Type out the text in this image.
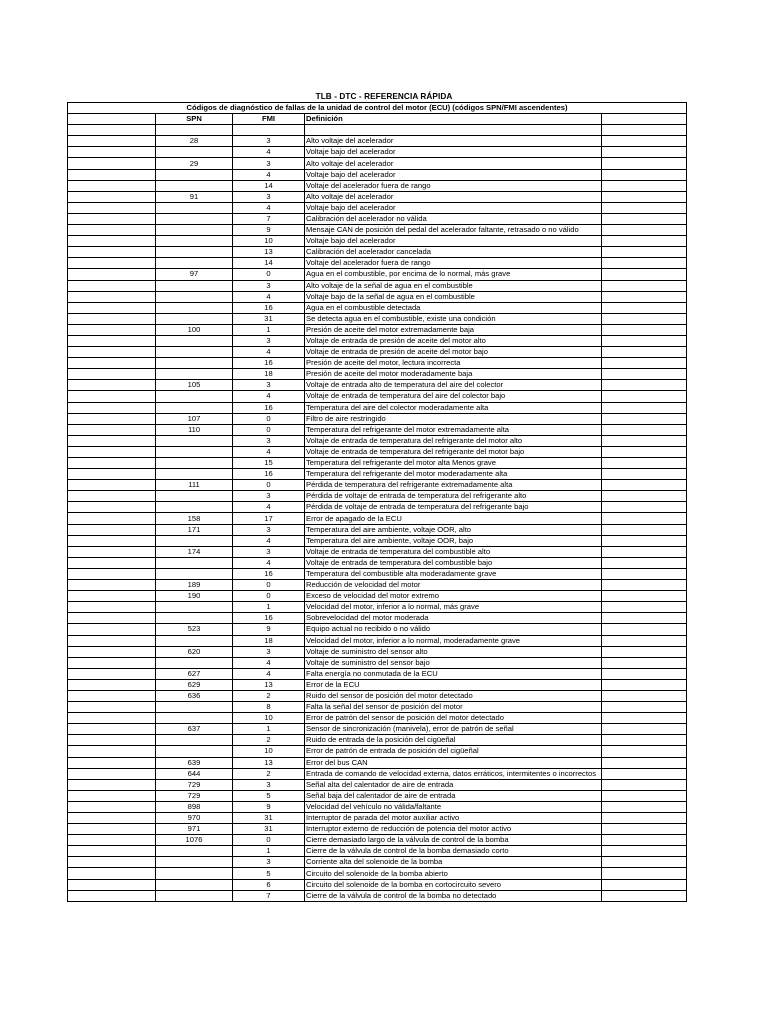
TLB - DTC - REFERENCIA RÁPIDA
Códigos de diagnóstico de fallas de la unidad de control del motor (ECU) (códigos SPN/FMI ascendentes)				
	SPN	FMI	Definición	

	28	3	Alto voltaje del acelerador	
		4	Voltaje bajo del acelerador	
	29	3	Alto voltaje del acelerador	
		4	Voltaje bajo del acelerador	
		14	Voltaje del acelerador fuera de rango	
	91	3	Alto voltaje del acelerador	
		4	Voltaje bajo del acelerador	
		7	Calibración del acelerador no válida	
		9	Mensaje CAN de posición del pedal del acelerador faltante, retrasado o no válido	
		10	Voltaje bajo del acelerador	
		13	Calibración del acelerador cancelada	
		14	Voltaje del acelerador fuera de rango	
	97	0	Agua en el combustible, por encima de lo normal, más grave	
		3	Alto voltaje de la señal de agua en el combustible	
		4	Voltaje bajo de la señal de agua en el combustible	
		16	Agua en el combustible detectada	
		31	Se detecta agua en el combustible, existe una condición	
	100	1	Presión de aceite del motor extremadamente baja	
		3	Voltaje de entrada de presión de aceite del motor alto	
		4	Voltaje de entrada de presión de aceite del motor bajo	
		16	Presión de aceite del motor, lectura incorrecta	
		18	Presión de aceite del motor moderadamente baja	
	105	3	Voltaje de entrada alto de temperatura del aire del colector	
		4	Voltaje de entrada de temperatura del aire del colector bajo	
		16	Temperatura del aire del colector moderadamente alta	
	107	0	Filtro de aire restringido	
	110	0	Temperatura del refrigerante del motor extremadamente alta	
		3	Voltaje de entrada de temperatura del refrigerante del motor alto	
		4	Voltaje de entrada de temperatura del refrigerante del motor bajo	
		15	Temperatura del refrigerante del motor alta Menos grave	
		16	Temperatura del refrigerante del motor moderadamente alta	
	111	0	Pérdida de temperatura del refrigerante extremadamente alta	
		3	Pérdida de voltaje de entrada de temperatura del refrigerante alto	
		4	Pérdida de voltaje de entrada de temperatura del refrigerante bajo	
	158	17	Error de apagado de la ECU	
	171	3	Temperatura del aire ambiente, voltaje OOR, alto	
		4	Temperatura del aire ambiente, voltaje OOR, bajo	
	174	3	Voltaje de entrada de temperatura del combustible alto	
		4	Voltaje de entrada de temperatura del combustible bajo	
		16	Temperatura del combustible alta moderadamente grave	
	189	0	Reducción de velocidad del motor	
	190	0	Exceso de velocidad del motor extremo	
		1	Velocidad del motor, inferior a lo normal, más grave	
		16	Sobrevelocidad del motor moderada	
	523	9	Equipo actual no recibido o no válido	
		18	Velocidad del motor, inferior a lo normal, moderadamente grave	
	620	3	Voltaje de suministro del sensor alto	
		4	Voltaje de suministro del sensor bajo	
	627	4	Falta energía no conmutada de la ECU	
	629	13	Error de la ECU	
	636	2	Ruido del sensor de posición del motor detectado	
		8	Falta la señal del sensor de posición del motor	
		10	Error de patrón del sensor de posición del motor detectado	
	637	1	Sensor de sincronización (manivela), error de patrón de señal	
		2	Ruido de entrada de la posición del cigüeñal	
		10	Error de patrón de entrada de posición del cigüeñal	
	639	13	Error del bus CAN	
	644	2	Entrada de comando de velocidad externa, datos erráticos, intermitentes o incorrectos	
	729	3	Señal alta del calentador de aire de entrada	
	729	5	Señal baja del calentador de aire de entrada	
	898	9	Velocidad del vehículo no válida/faltante	
	970	31	Interruptor de parada del motor auxiliar activo	
	971	31	Interruptor externo de reducción de potencia del motor activo	
	1076	0	Cierre demasiado largo de la válvula de control de la bomba	
		1	Cierre de la válvula de control de la bomba demasiado corto	
		3	Corriente alta del solenoide de la bomba	
		5	Circuito del solenoide de la bomba abierto	
		6	Circuito del solenoide de la bomba en cortocircuito severo	
		7	Cierre de la válvula de control de la bomba no detectado	
